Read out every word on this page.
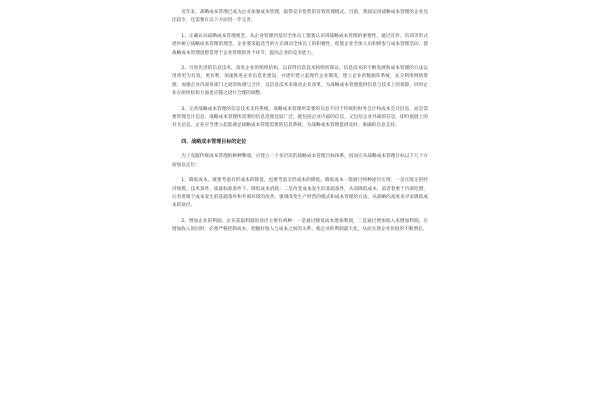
近年来，战略成本管理已成为企业加强成本管理，取得竞争优势的有效管理模式。目前，我国运用战略成本管理的企业还比较少，还需要在以下方面进一步完善。

1、正确认识战略成本管理观念。从企业管理到基层全体员工都要认识到战略成本管理的重要性，通过宣传、培训等形式逐步树立战略成本管理的理念，企业要采取适当的方式调动全体员工的积极性，促使企业全体人员积极参与成本管理活动，使战略成本管理思想贯穿于企业管理的各个环节，提高企业的竞争能力。

2、引进先进的信息技术，改进企业的组织结构，以获得信息技术和组织保证。信息技术的不断发展和成本管理的方法运用将更为有效，更有利，加速推进企业信息化建设，并逐步建立起现代企业制度，建立企业的数据库系统，充分利用网络资源，加强企业内部各部门之间的协调与合作，以信息技术来推动企业改革，为战略成本管理提供信息与技术上的保障，同时企业在组织结构方面也应随之进行合理的调整。

3、完善战略成本管理的信息技术支持系统。战略成本管理所需要的信息不同于传统的财务会计和成本会计信息，而是需要管理会计信息。战略成本管理所需要的信息范围比较广泛，既包括企业内部的信息，又包括企业外部的信息，即价值链上的有关信息。企业应当建立起能满足战略成本管理需要的信息系统，为战略成本管理提供及时、准确的信息支持。

四、战略成本管理目标的定位

为了克服传统成本管理的种种弊端，应建立一个多层次的战略成本管理目标体系，因而应从战略成本管理目标以下几个方面加以定位：

1、降低成本。既要考虑有形成本的降低，也要考虑无形成本的降低。降低成本一般通过两种途径实现：一是在既定的经济规模、技术条件、质量标准条件下，降低成本消耗；二是改变成本发生的基础条件，从而降低成本。前者着重于内部挖潜，后者着眼于成本发生的基础条件和外部环境的改善，强调改变生产经营的模式和成本管理的方法，从战略的高度来寻求降低成本的途径。

2、增加企业的利润。企业获取利润的途径主要有两种：一是通过降低成本增加利润，二是通过增加收入来增加利润。在增加收入的同时，必须严格控制成本，把握好收入与成本之间的关系，使企业的利润最大化，从而实现企业价值的不断增长。
